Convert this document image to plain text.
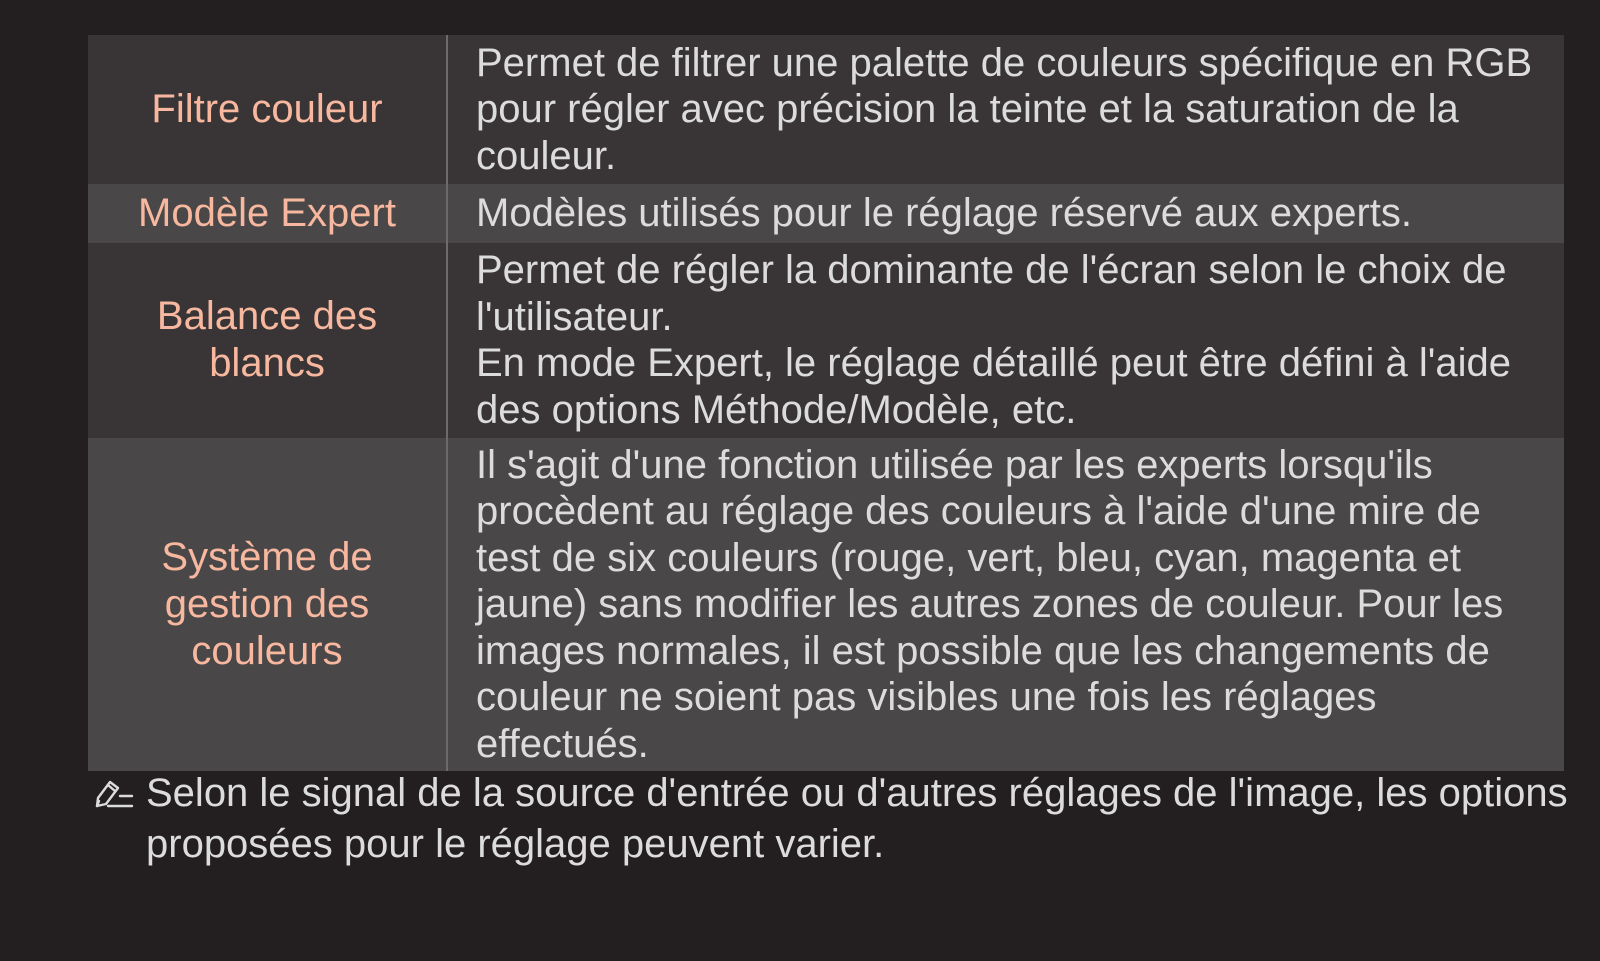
Filtre couleur	Permet de filtrer une palette de couleurs spécifique en RGB pour régler avec précision la teinte et la saturation de la couleur.
Modèle Expert	Modèles utilisés pour le réglage réservé aux experts.
Balance des blancs	Permet de régler la dominante de l'écran selon le choix de l'utilisateur.
En mode Expert, le réglage détaillé peut être défini à l'aide des options Méthode/Modèle, etc.

Système de gestion des couleurs	Il s'agit d'une fonction utilisée par les experts lorsqu'ils procèdent au réglage des couleurs à l'aide d'une mire de test de six couleurs (rouge, vert, bleu, cyan, magenta et jaune) sans modifier les autres zones de couleur. Pour les images normales, il est possible que les changements de couleur ne soient pas visibles une fois les réglages effectués.
Selon le signal de la source d'entrée ou d'autres réglages de l'image, les options proposées pour le réglage peuvent varier.
